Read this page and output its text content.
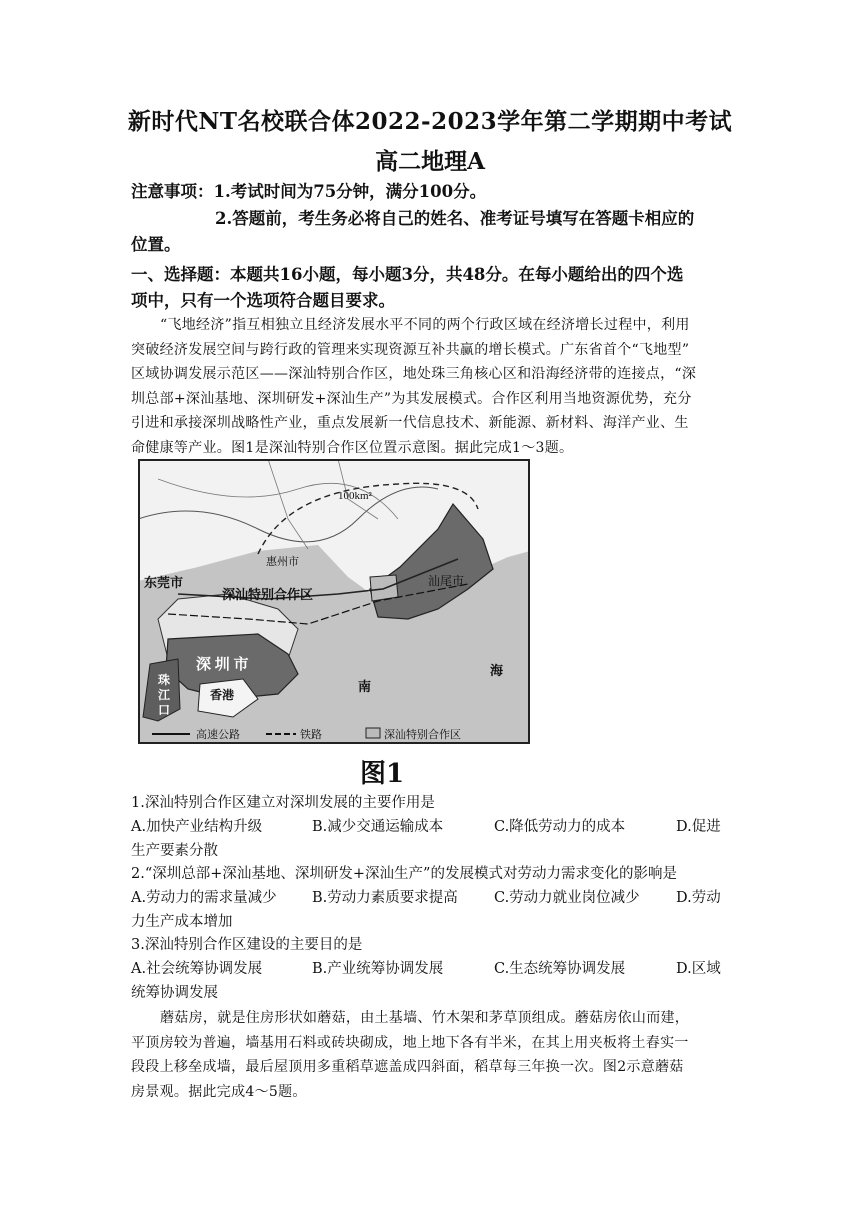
新时代NT名校联合体2022-2023学年第二学期期中考试
高二地理A
注意事项：1.考试时间为75分钟，满分100分。
2.答题前，考生务必将自己的姓名、准考证号填写在答题卡相应的
位置。
一、选择题：本题共16小题，每小题3分，共48分。在每小题给出的四个选
项中，只有一个选项符合题目要求。
“飞地经济”指互相独立且经济发展水平不同的两个行政区域在经济增长过程中，利用
突破经济发展空间与跨行政的管理来实现资源互补共赢的增长模式。广东省首个“飞地型”
区域协调发展示范区——深汕特别合作区，地处珠三角核心区和沿海经济带的连接点，“深
圳总部+深汕基地、深圳研发+深汕生产”为其发展模式。合作区利用当地资源优势，充分
引进和承接深圳战略性产业，重点发展新一代信息技术、新能源、新材料、海洋产业、生
命健康等产业。图1是深汕特别合作区位置示意图。据此完成1～3题。
100km²
惠州市
东莞市
深汕特别合作区
汕尾市
深 圳 市
珠
江
口
香港
南
海
高速公路	铁路	深汕特别合作区
图1
1.深汕特别合作区建立对深圳发展的主要作用是
A.加快产业结构升级	B.减少交通运输成本	C.降低劳动力的成本	D.促进
生产要素分散
2.“深圳总部+深汕基地、深圳研发+深汕生产”的发展模式对劳动力需求变化的影响是
A.劳动力的需求量减少 B.劳动力素质要求提高 C.劳动力就业岗位减少	D.劳动
力生产成本增加
3.深汕特别合作区建设的主要目的是
A.社会统筹协调发展	B.产业统筹协调发展	C.生态统筹协调发展	D.区域
统筹协调发展
蘑菇房，就是住房形状如蘑菇，由土基墙、竹木架和茅草顶组成。蘑菇房依山而建，
平顶房较为普遍，墙基用石料或砖块砌成，地上地下各有半米，在其上用夹板将土舂实一
段段上移垒成墙，最后屋顶用多重稻草遮盖成四斜面，稻草每三年换一次。图2示意蘑菇
房景观。据此完成4～5题。
